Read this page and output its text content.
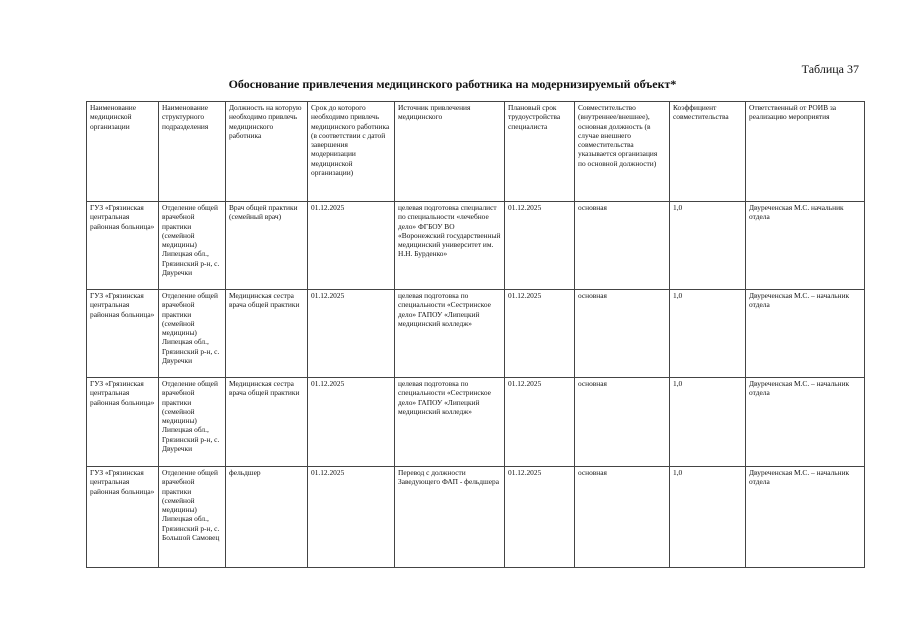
Таблица 37
Обоснование привлечения медицинского работника на модернизируемый объект*
Наименование медицинской организации	Наименование структурного подразделения	Должность на которую необходимо привлечь медицинского работника	Срок до которого необходимо привлечь медицинского работника (в соответствии с датой завершения модернизации медицинской организации)	Источник привлечения медицинского	Плановый срок трудоустройства специалиста	Совместительство (внутреннее/внешнее), основная должность (в случае внешнего совместительства указывается организация по основной должности)	Коэффициент совместительства	Ответственный от РОИВ за реализацию мероприятия
ГУЗ «Грязинская центральная районная больница»	Отделение общей врачебной практики (семейной медицины) Липецкая обл., Грязинский р-н, с. Двуречки	Врач общей практики (семейный врач)	01.12.2025	целевая подготовка специалист по специальности «лечебное дело» ФГБОУ ВО «Воронежский государственный медицинский университет им. Н.Н. Бурденко»	01.12.2025	основная	1,0	Двуреченская М.С. начальник отдела
ГУЗ «Грязинская центральная районная больница»	Отделение общей врачебной практики (семейной медицины) Липецкая обл., Грязинский р-н, с. Двуречки	Медицинская сестра врача общей практики	01.12.2025	целевая подготовка по специальности «Сестринское дело» ГАПОУ «Липецкий медицинский колледж»	01.12.2025	основная	1,0	Двуреченская М.С. – начальник отдела
ГУЗ «Грязинская центральная районная больница»	Отделение общей врачебной практики (семейной медицины) Липецкая обл., Грязинский р-н, с. Двуречки	Медицинская сестра врача общей практики	01.12.2025	целевая подготовка по специальности «Сестринское дело» ГАПОУ «Липецкий медицинский колледж»	01.12.2025	основная	1,0	Двуреченская М.С. – начальник отдела
ГУЗ «Грязинская центральная районная больница»	Отделение общей врачебной практики (семейной медицины) Липецкая обл., Грязинский р-н, с. Большой Самовец	фельдшер	01.12.2025	Перевод с должности Заведующего ФАП - фельдшера	01.12.2025	основная	1,0	Двуреченская М.С. – начальник отдела
